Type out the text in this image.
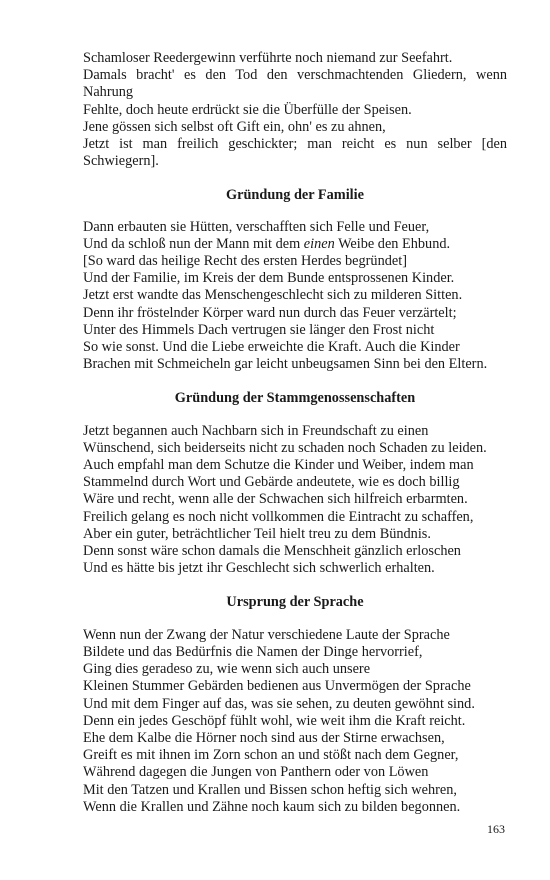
Schamloser Reedergewinn verführte noch niemand zur Seefahrt.
Damals bracht' es den Tod den verschmachtenden Gliedern, wenn
Nahrung
Fehlte, doch heute erdrückt sie die Überfülle der Speisen.
Jene gössen sich selbst oft Gift ein, ohn' es zu ahnen,
Jetzt ist man freilich geschickter; man reicht es nun selber [den
Schwiegern].
Gründung der Familie
Dann erbauten sie Hütten, verschafften sich Felle und Feuer,
Und da schloß nun der Mann mit dem einen Weibe den Ehbund.
[So ward das heilige Recht des ersten Herdes begründet]
Und der Familie, im Kreis der dem Bunde entsprossenen Kinder.
Jetzt erst wandte das Menschengeschlecht sich zu milderen Sitten.
Denn ihr fröstelnder Körper ward nun durch das Feuer verzärtelt;
Unter des Himmels Dach vertrugen sie länger den Frost nicht
So wie sonst. Und die Liebe erweichte die Kraft. Auch die Kinder
Brachen mit Schmeicheln gar leicht unbeugsamen Sinn bei den Eltern.
Gründung der Stammgenossenschaften
Jetzt begannen auch Nachbarn sich in Freundschaft zu einen
Wünschend, sich beiderseits nicht zu schaden noch Schaden zu leiden.
Auch empfahl man dem Schutze die Kinder und Weiber, indem man
Stammelnd durch Wort und Gebärde andeutete, wie es doch billig
Wäre und recht, wenn alle der Schwachen sich hilfreich erbarmten.
Freilich gelang es noch nicht vollkommen die Eintracht zu schaffen,
Aber ein guter, beträchtlicher Teil hielt treu zu dem Bündnis.
Denn sonst wäre schon damals die Menschheit gänzlich erloschen
Und es hätte bis jetzt ihr Geschlecht sich schwerlich erhalten.
Ursprung der Sprache
Wenn nun der Zwang der Natur verschiedene Laute der Sprache
Bildete und das Bedürfnis die Namen der Dinge hervorrief,
Ging dies geradeso zu, wie wenn sich auch unsere
Kleinen Stummer Gebärden bedienen aus Unvermögen der Sprache
Und mit dem Finger auf das, was sie sehen, zu deuten gewöhnt sind.
Denn ein jedes Geschöpf fühlt wohl, wie weit ihm die Kraft reicht.
Ehe dem Kalbe die Hörner noch sind aus der Stirne erwachsen,
Greift es mit ihnen im Zorn schon an und stößt nach dem Gegner,
Während dagegen die Jungen von Panthern oder von Löwen
Mit den Tatzen und Krallen und Bissen schon heftig sich wehren,
Wenn die Krallen und Zähne noch kaum sich zu bilden begonnen.
163
